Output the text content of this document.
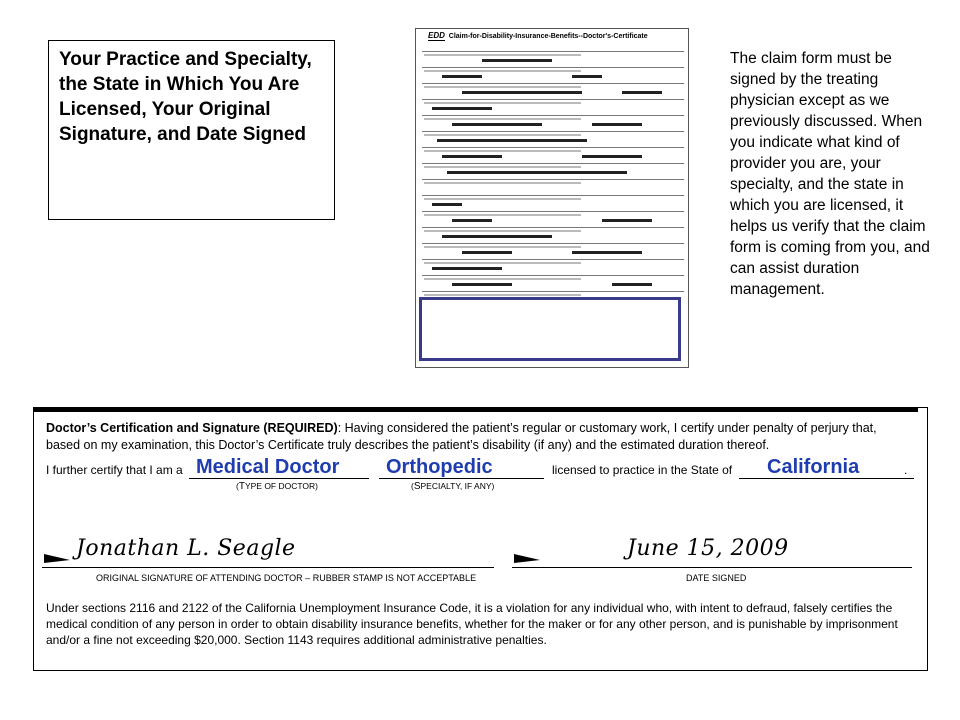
Your Practice and Specialty, the State in Which You Are Licensed, Your Original Signature, and Date Signed
EDD Claim-for-Disability-Insurance-Benefits--Doctor's-Certificate
The claim form must be signed by the treating physician except as we previously discussed. When you indicate what kind of provider you are, your specialty, and the state in which you are licensed, it helps us verify that the claim form is coming from you, and can assist duration management.
Doctor’s Certification and Signature (REQUIRED): Having considered the patient’s regular or customary work, I certify under penalty of perjury that, based on my examination, this Doctor’s Certificate truly describes the patient’s disability (if any) and the estimated duration thereof.
I further certify that I am a Medical Doctor Orthopedic	licensed to practice in the State of California	.
(TYPE OF DOCTOR)	(SPECIALTY, IF ANY)
Jonathan L. Seagle
ORIGINAL SIGNATURE OF ATTENDING DOCTOR – RUBBER STAMP IS NOT ACCEPTABLE
June 15, 2009
DATE SIGNED
Under sections 2116 and 2122 of the California Unemployment Insurance Code, it is a violation for any individual who, with intent to defraud, falsely certifies the medical condition of any person in order to obtain disability insurance benefits, whether for the maker or for any other person, and is punishable by imprisonment and/or a fine not exceeding $20,000. Section 1143 requires additional administrative penalties.
